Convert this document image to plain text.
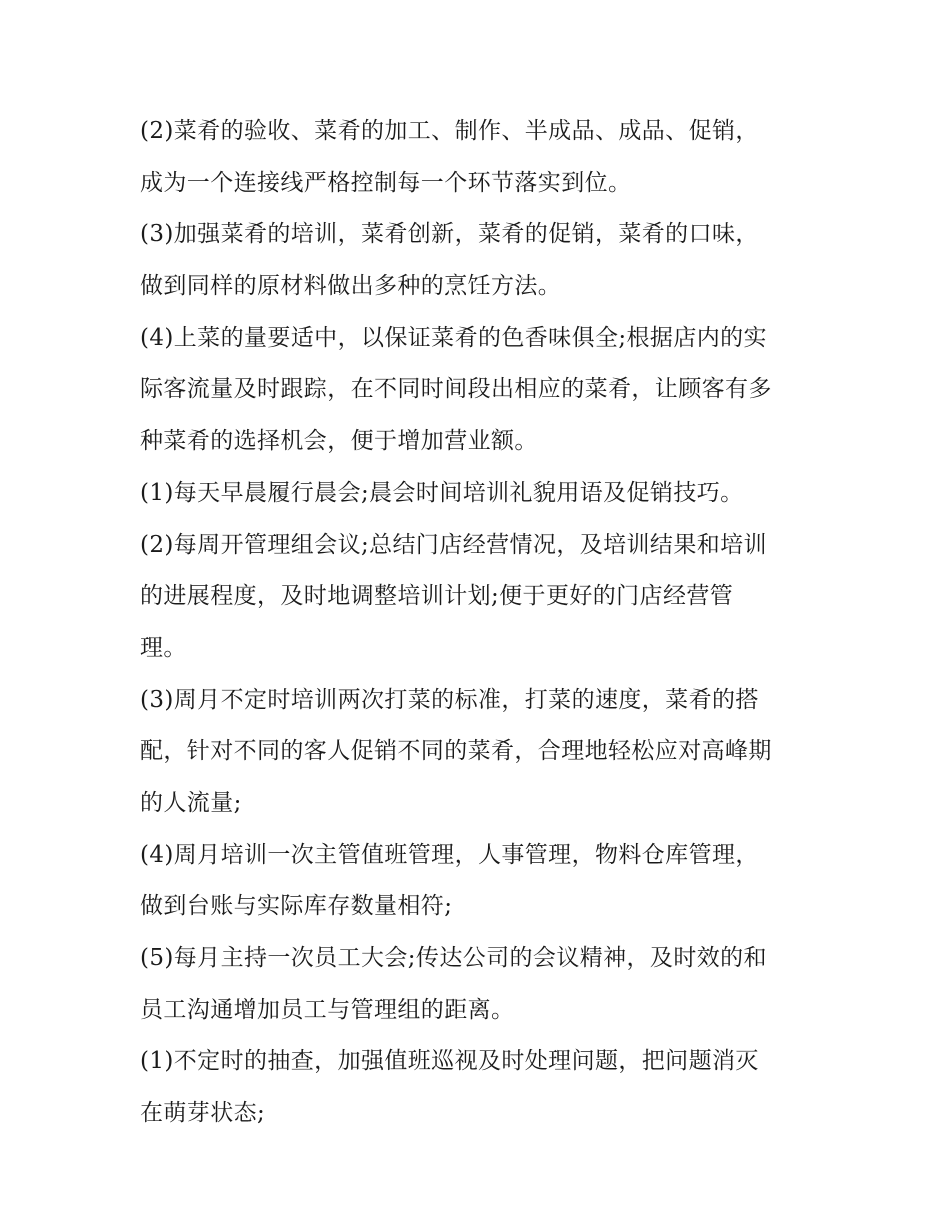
(2)菜肴的验收、菜肴的加工、制作、半成品、成品、促销，
成为一个连接线严格控制每一个环节落实到位。
(3)加强菜肴的培训，菜肴创新，菜肴的促销，菜肴的口味，
做到同样的原材料做出多种的烹饪方法。
(4)上菜的量要适中，以保证菜肴的色香味俱全;根据店内的实
际客流量及时跟踪，在不同时间段出相应的菜肴，让顾客有多
种菜肴的选择机会，便于增加营业额。
(1)每天早晨履行晨会;晨会时间培训礼貌用语及促销技巧。
(2)每周开管理组会议;总结门店经营情况，及培训结果和培训
的进展程度，及时地调整培训计划;便于更好的门店经营管
理。
(3)周月不定时培训两次打菜的标准，打菜的速度，菜肴的搭
配，针对不同的客人促销不同的菜肴，合理地轻松应对高峰期
的人流量;
(4)周月培训一次主管值班管理，人事管理，物料仓库管理，
做到台账与实际库存数量相符;
(5)每月主持一次员工大会;传达公司的会议精神，及时效的和
员工沟通增加员工与管理组的距离。
(1)不定时的抽查，加强值班巡视及时处理问题，把问题消灭
在萌芽状态;
